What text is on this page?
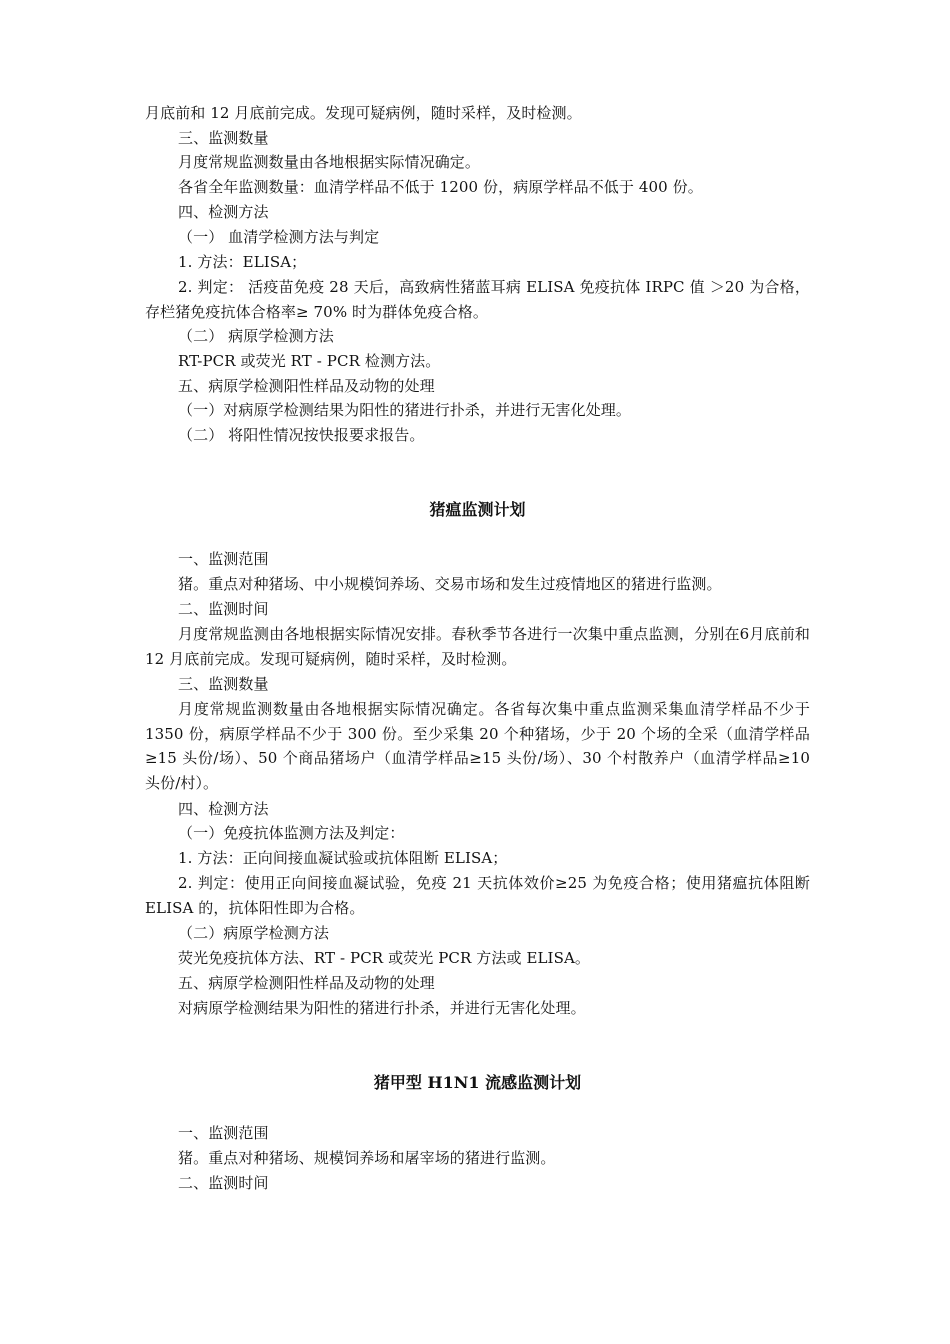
月底前和 12 月底前完成。发现可疑病例，随时采样，及时检测。
三、监测数量
月度常规监测数量由各地根据实际情况确定。
各省全年监测数量：血清学样品不低于 1200 份，病原学样品不低于 400 份。
四、检测方法
（一） 血清学检测方法与判定
1. 方法：ELISA；
2. 判定： 活疫苗免疫 28 天后，高致病性猪蓝耳病 ELISA 免疫抗体 IRPC 值 ＞20 为合格，存栏猪免疫抗体合格率≥ 70% 时为群体免疫合格。
（二） 病原学检测方法
RT-PCR 或荧光 RT - PCR 检测方法。
五、病原学检测阳性样品及动物的处理
（一）对病原学检测结果为阳性的猪进行扑杀，并进行无害化处理。
（二） 将阳性情况按快报要求报告。
猪瘟监测计划
一、监测范围
猪。重点对种猪场、中小规模饲养场、交易市场和发生过疫情地区的猪进行监测。
二、监测时间
月度常规监测由各地根据实际情况安排。春秋季节各进行一次集中重点监测，分别在6月底前和 12 月底前完成。发现可疑病例，随时采样，及时检测。
三、监测数量
月度常规监测数量由各地根据实际情况确定。各省每次集中重点监测采集血清学样品不少于 1350 份，病原学样品不少于 300 份。至少采集 20 个种猪场，少于 20 个场的全采（血清学样品≥15 头份/场）、50 个商品猪场户（血清学样品≥15 头份/场）、30 个村散养户（血清学样品≥10 头份/村）。
四、检测方法
（一）免疫抗体监测方法及判定：
1. 方法：正向间接血凝试验或抗体阻断 ELISA；
2. 判定：使用正向间接血凝试验，免疫 21 天抗体效价≥25 为免疫合格；使用猪瘟抗体阻断 ELISA 的，抗体阳性即为合格。
（二）病原学检测方法
荧光免疫抗体方法、RT - PCR 或荧光 PCR 方法或 ELISA。
五、病原学检测阳性样品及动物的处理
对病原学检测结果为阳性的猪进行扑杀，并进行无害化处理。
猪甲型 H1N1 流感监测计划
一、监测范围
猪。重点对种猪场、规模饲养场和屠宰场的猪进行监测。
二、监测时间
